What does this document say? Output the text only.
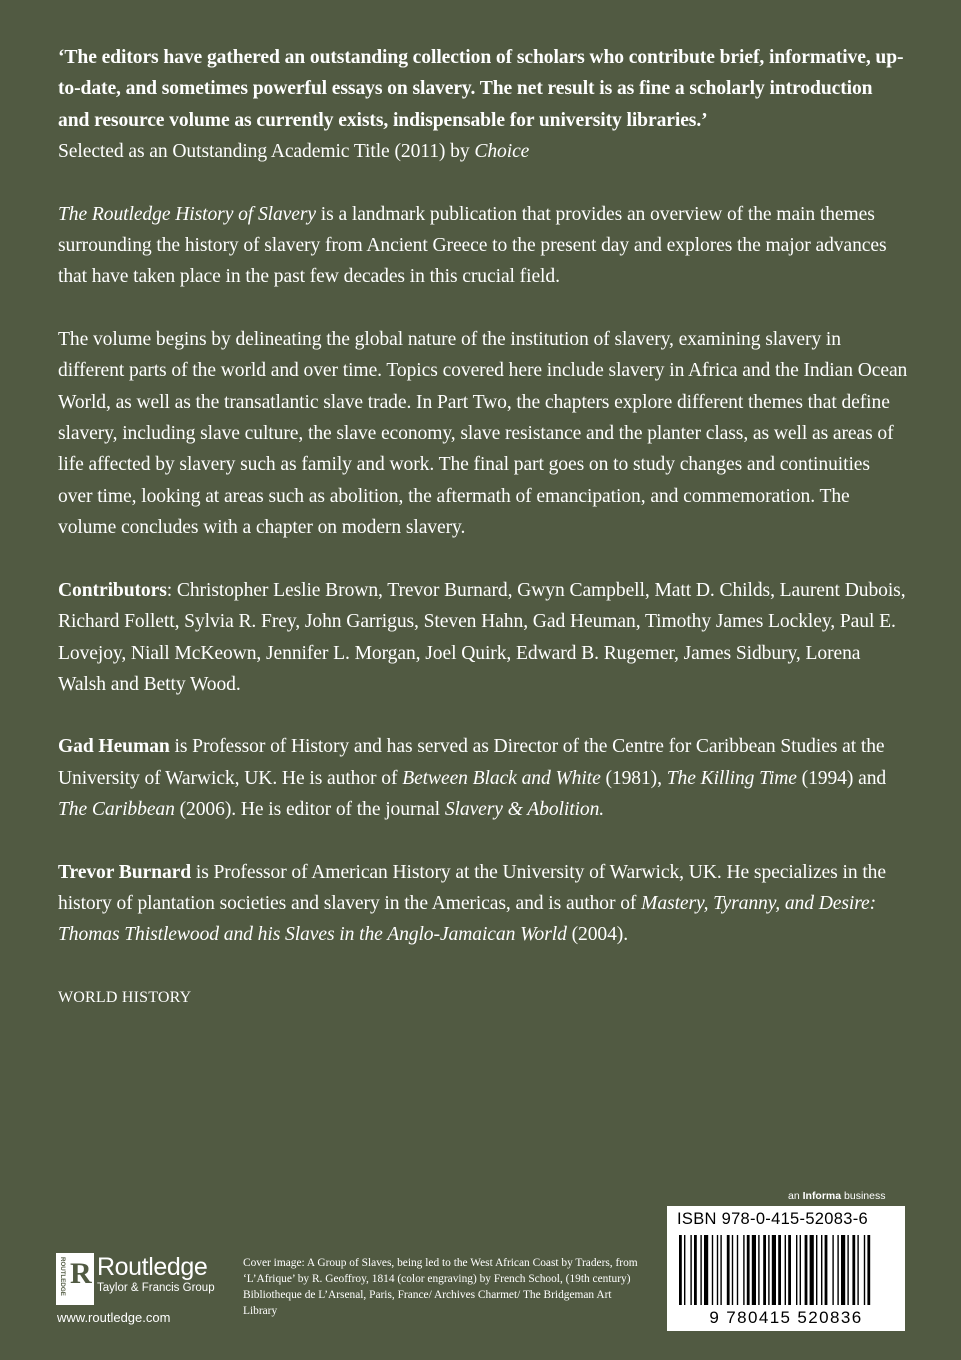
‘The editors have gathered an outstanding collection of scholars who contribute brief, informative, up-to-date, and sometimes powerful essays on slavery. The net result is as fine a scholarly introduction and resource volume as currently exists, indispensable for university libraries.’

Selected as an Outstanding Academic Title (2011) by Choice

The Routledge History of Slavery is a landmark publication that provides an overview of the main themes surrounding the history of slavery from Ancient Greece to the present day and explores the major advances that have taken place in the past few decades in this crucial field.

The volume begins by delineating the global nature of the institution of slavery, examining slavery in different parts of the world and over time. Topics covered here include slavery in Africa and the Indian Ocean World, as well as the transatlantic slave trade. In Part Two, the chapters explore different themes that define slavery, including slave culture, the slave economy, slave resistance and the planter class, as well as areas of life affected by slavery such as family and work. The final part goes on to study changes and continuities over time, looking at areas such as abolition, the aftermath of emancipation, and commemoration. The volume concludes with a chapter on modern slavery.

Contributors: Christopher Leslie Brown, Trevor Burnard, Gwyn Campbell, Matt D. Childs, Laurent Dubois, Richard Follett, Sylvia R. Frey, John Garrigus, Steven Hahn, Gad Heuman, Timothy James Lockley, Paul E. Lovejoy, Niall McKeown, Jennifer L. Morgan, Joel Quirk, Edward B. Rugemer, James Sidbury, Lorena Walsh and Betty Wood.

Gad Heuman is Professor of History and has served as Director of the Centre for Caribbean Studies at the University of Warwick, UK. He is author of Between Black and White (1981), The Killing Time (1994) and The Caribbean (2006). He is editor of the journal Slavery & Abolition.

Trevor Burnard is Professor of American History at the University of Warwick, UK. He specializes in the history of plantation societies and slavery in the Americas, and is author of Mastery, Tyranny, and Desire: Thomas Thistlewood and his Slaves in the Anglo-Jamaican World (2004).

WORLD HISTORY

an Informa business
ISBN 978-0-415-52083-6
9 780415 520836
ROUTLEDGE R Routledge
Taylor & Francis Group
www.routledge.com
Cover image: A Group of Slaves, being led to the West African Coast by Traders, from ‘L’Afrique’ by R. Geoffroy, 1814 (color engraving) by French School, (19th century) Bibliotheque de L’Arsenal, Paris, France/ Archives Charmet/ The Bridgeman Art Library
